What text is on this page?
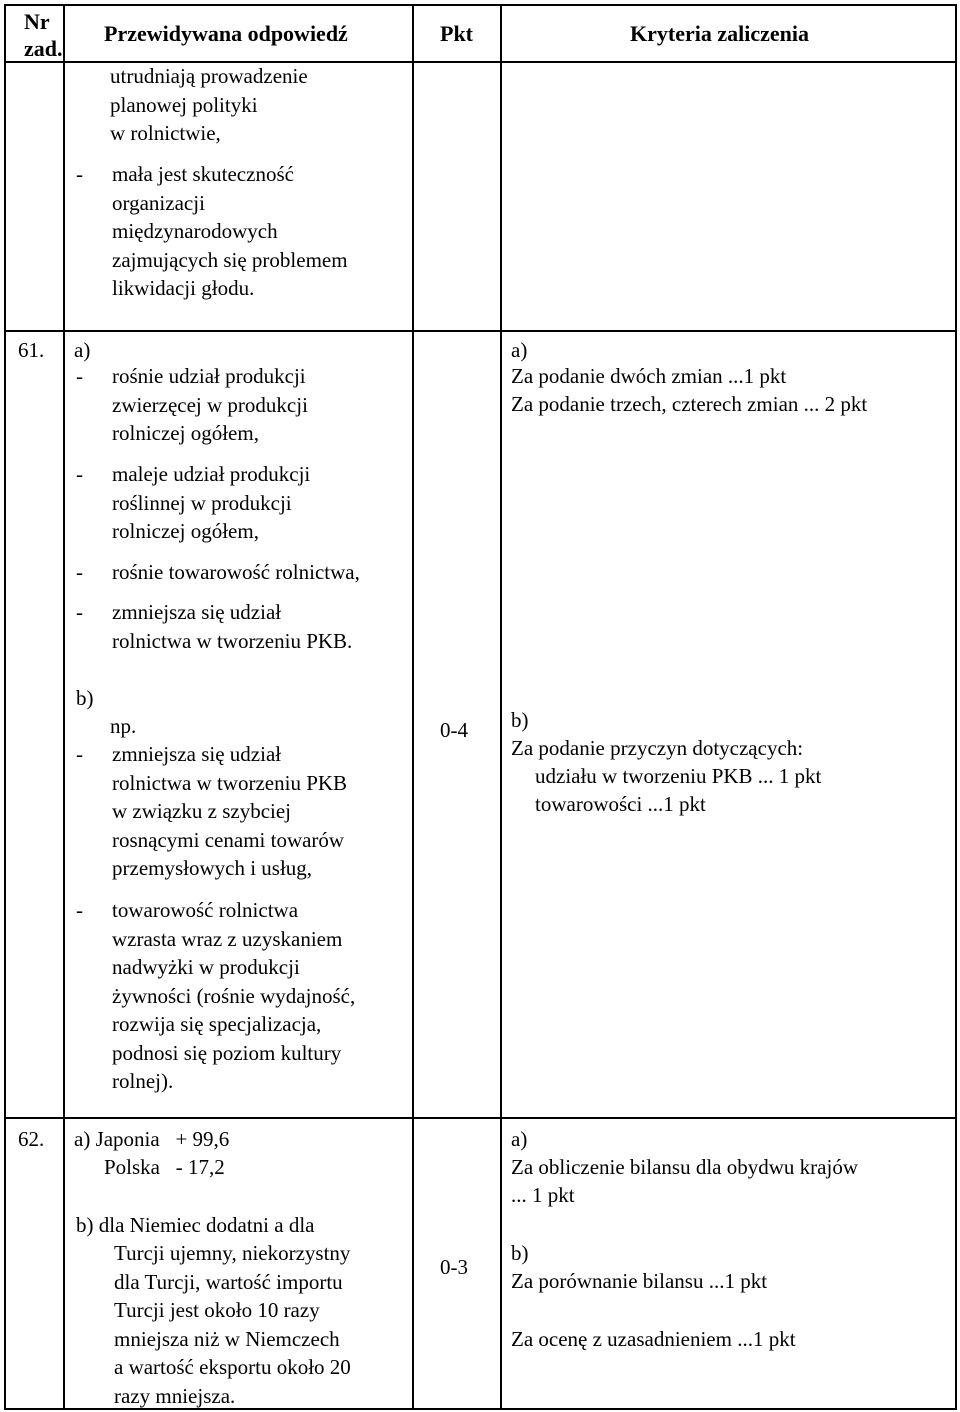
Nr
zad.
Przewidywana odpowiedź	Pkt	Kryteria zaliczenia
utrudniają prowadzenie
planowej polityki
w rolnictwie,
- mała jest skuteczność
organizacji
międzynarodowych
zajmujących się problemem
likwidacji głodu.
61. a)
- rośnie udział produkcji
zwierzęcej w produkcji
rolniczej ogółem,
- maleje udział produkcji
roślinnej w produkcji
rolniczej ogółem,
- rośnie towarowość rolnictwa,
- zmniejsza się udział
rolnictwa w tworzeniu PKB.
b)
np.
- zmniejsza się udział
rolnictwa w tworzeniu PKB
w związku z szybciej
rosnącymi cenami towarów
przemysłowych i usług,
- towarowość rolnictwa
wzrasta wraz z uzyskaniem
nadwyżki w produkcji
żywności (rośnie wydajność,
rozwija się specjalizacja,
podnosi się poziom kultury
rolnej).
0-4
a)
Za podanie dwóch zmian ...1 pkt
Za podanie trzech, czterech zmian ... 2 pkt
b)
Za podanie przyczyn dotyczących:
udziału w tworzeniu PKB ... 1 pkt
towarowości ...1 pkt
62. a) Japonia   + 99,6
Polska   - 17,2
b) dla Niemiec dodatni a dla
Turcji ujemny, niekorzystny
dla Turcji, wartość importu
Turcji jest około 10 razy
mniejsza niż w Niemczech
a wartość eksportu około 20
razy mniejsza.
0-3
a)
Za obliczenie bilansu dla obydwu krajów
... 1 pkt
b)
Za porównanie bilansu ...1 pkt
Za ocenę z uzasadnieniem ...1 pkt
